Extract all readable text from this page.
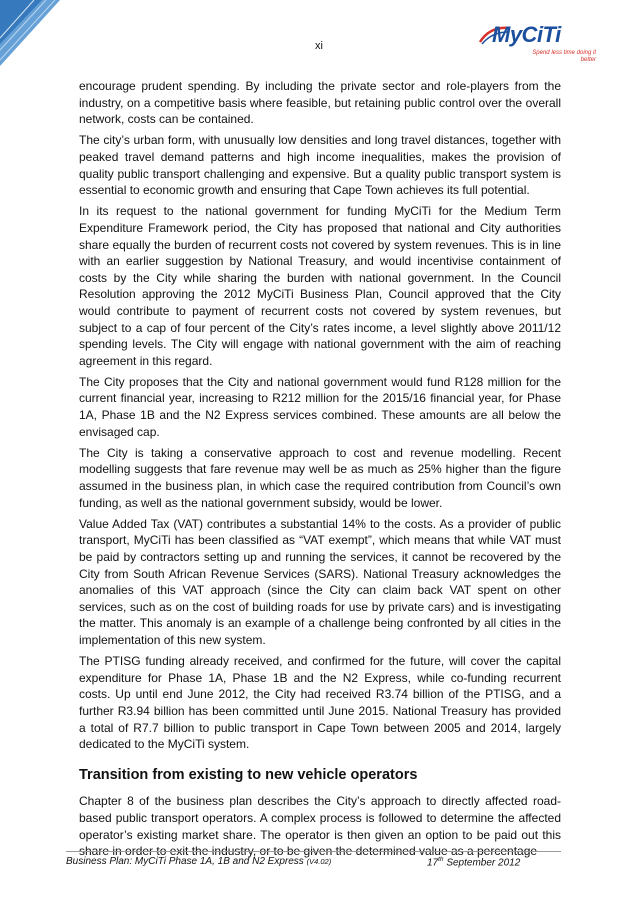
xi	MyCiTi
Spend less time doing it better

encourage prudent spending. By including the private sector and role-players from the industry, on a competitive basis where feasible, but retaining public control over the overall network, costs can be contained.

The city’s urban form, with unusually low densities and long travel distances, together with peaked travel demand patterns and high income inequalities, makes the provision of quality public transport challenging and expensive. But a quality public transport system is essential to economic growth and ensuring that Cape Town achieves its full potential.

In its request to the national government for funding MyCiTi for the Medium Term Expenditure Framework period, the City has proposed that national and City authorities share equally the burden of recurrent costs not covered by system revenues. This is in line with an earlier suggestion by National Treasury, and would incentivise containment of costs by the City while sharing the burden with national government. In the Council Resolution approving the 2012 MyCiTi Business Plan, Council approved that the City would contribute to payment of recurrent costs not covered by system revenues, but subject to a cap of four percent of the City’s rates income, a level slightly above 2011/12 spending levels. The City will engage with national government with the aim of reaching agreement in this regard.

The City proposes that the City and national government would fund R128 million for the current financial year, increasing to R212 million for the 2015/16 financial year, for Phase 1A, Phase 1B and the N2 Express services combined. These amounts are all below the envisaged cap.

The City is taking a conservative approach to cost and revenue modelling. Recent modelling suggests that fare revenue may well be as much as 25% higher than the figure assumed in the business plan, in which case the required contribution from Council’s own funding, as well as the national government subsidy, would be lower.

Value Added Tax (VAT) contributes a substantial 14% to the costs. As a provider of public transport, MyCiTi has been classified as “VAT exempt”, which means that while VAT must be paid by contractors setting up and running the services, it cannot be recovered by the City from South African Revenue Services (SARS). National Treasury acknowledges the anomalies of this VAT approach (since the City can claim back VAT spent on other services, such as on the cost of building roads for use by private cars) and is investigating the matter. This anomaly is an example of a challenge being confronted by all cities in the implementation of this new system.

The PTISG funding already received, and confirmed for the future, will cover the capital expenditure for Phase 1A, Phase 1B and the N2 Express, while co-funding recurrent costs. Up until end June 2012, the City had received R3.74 billion of the PTISG, and a further R3.94 billion has been committed until June 2015. National Treasury has provided a total of R7.7 billion to public transport in Cape Town between 2005 and 2014, largely dedicated to the MyCiTi system.

Transition from existing to new vehicle operators

Chapter 8 of the business plan describes the City’s approach to directly affected road-based public transport operators. A complex process is followed to determine the affected operator’s existing market share. The operator is then given an option to be paid out this share in order to exit the industry, or to be given the determined value as a percentage

Business Plan: MyCiTi Phase 1A, 1B and N2 Express (V4.02)	17th September 2012
